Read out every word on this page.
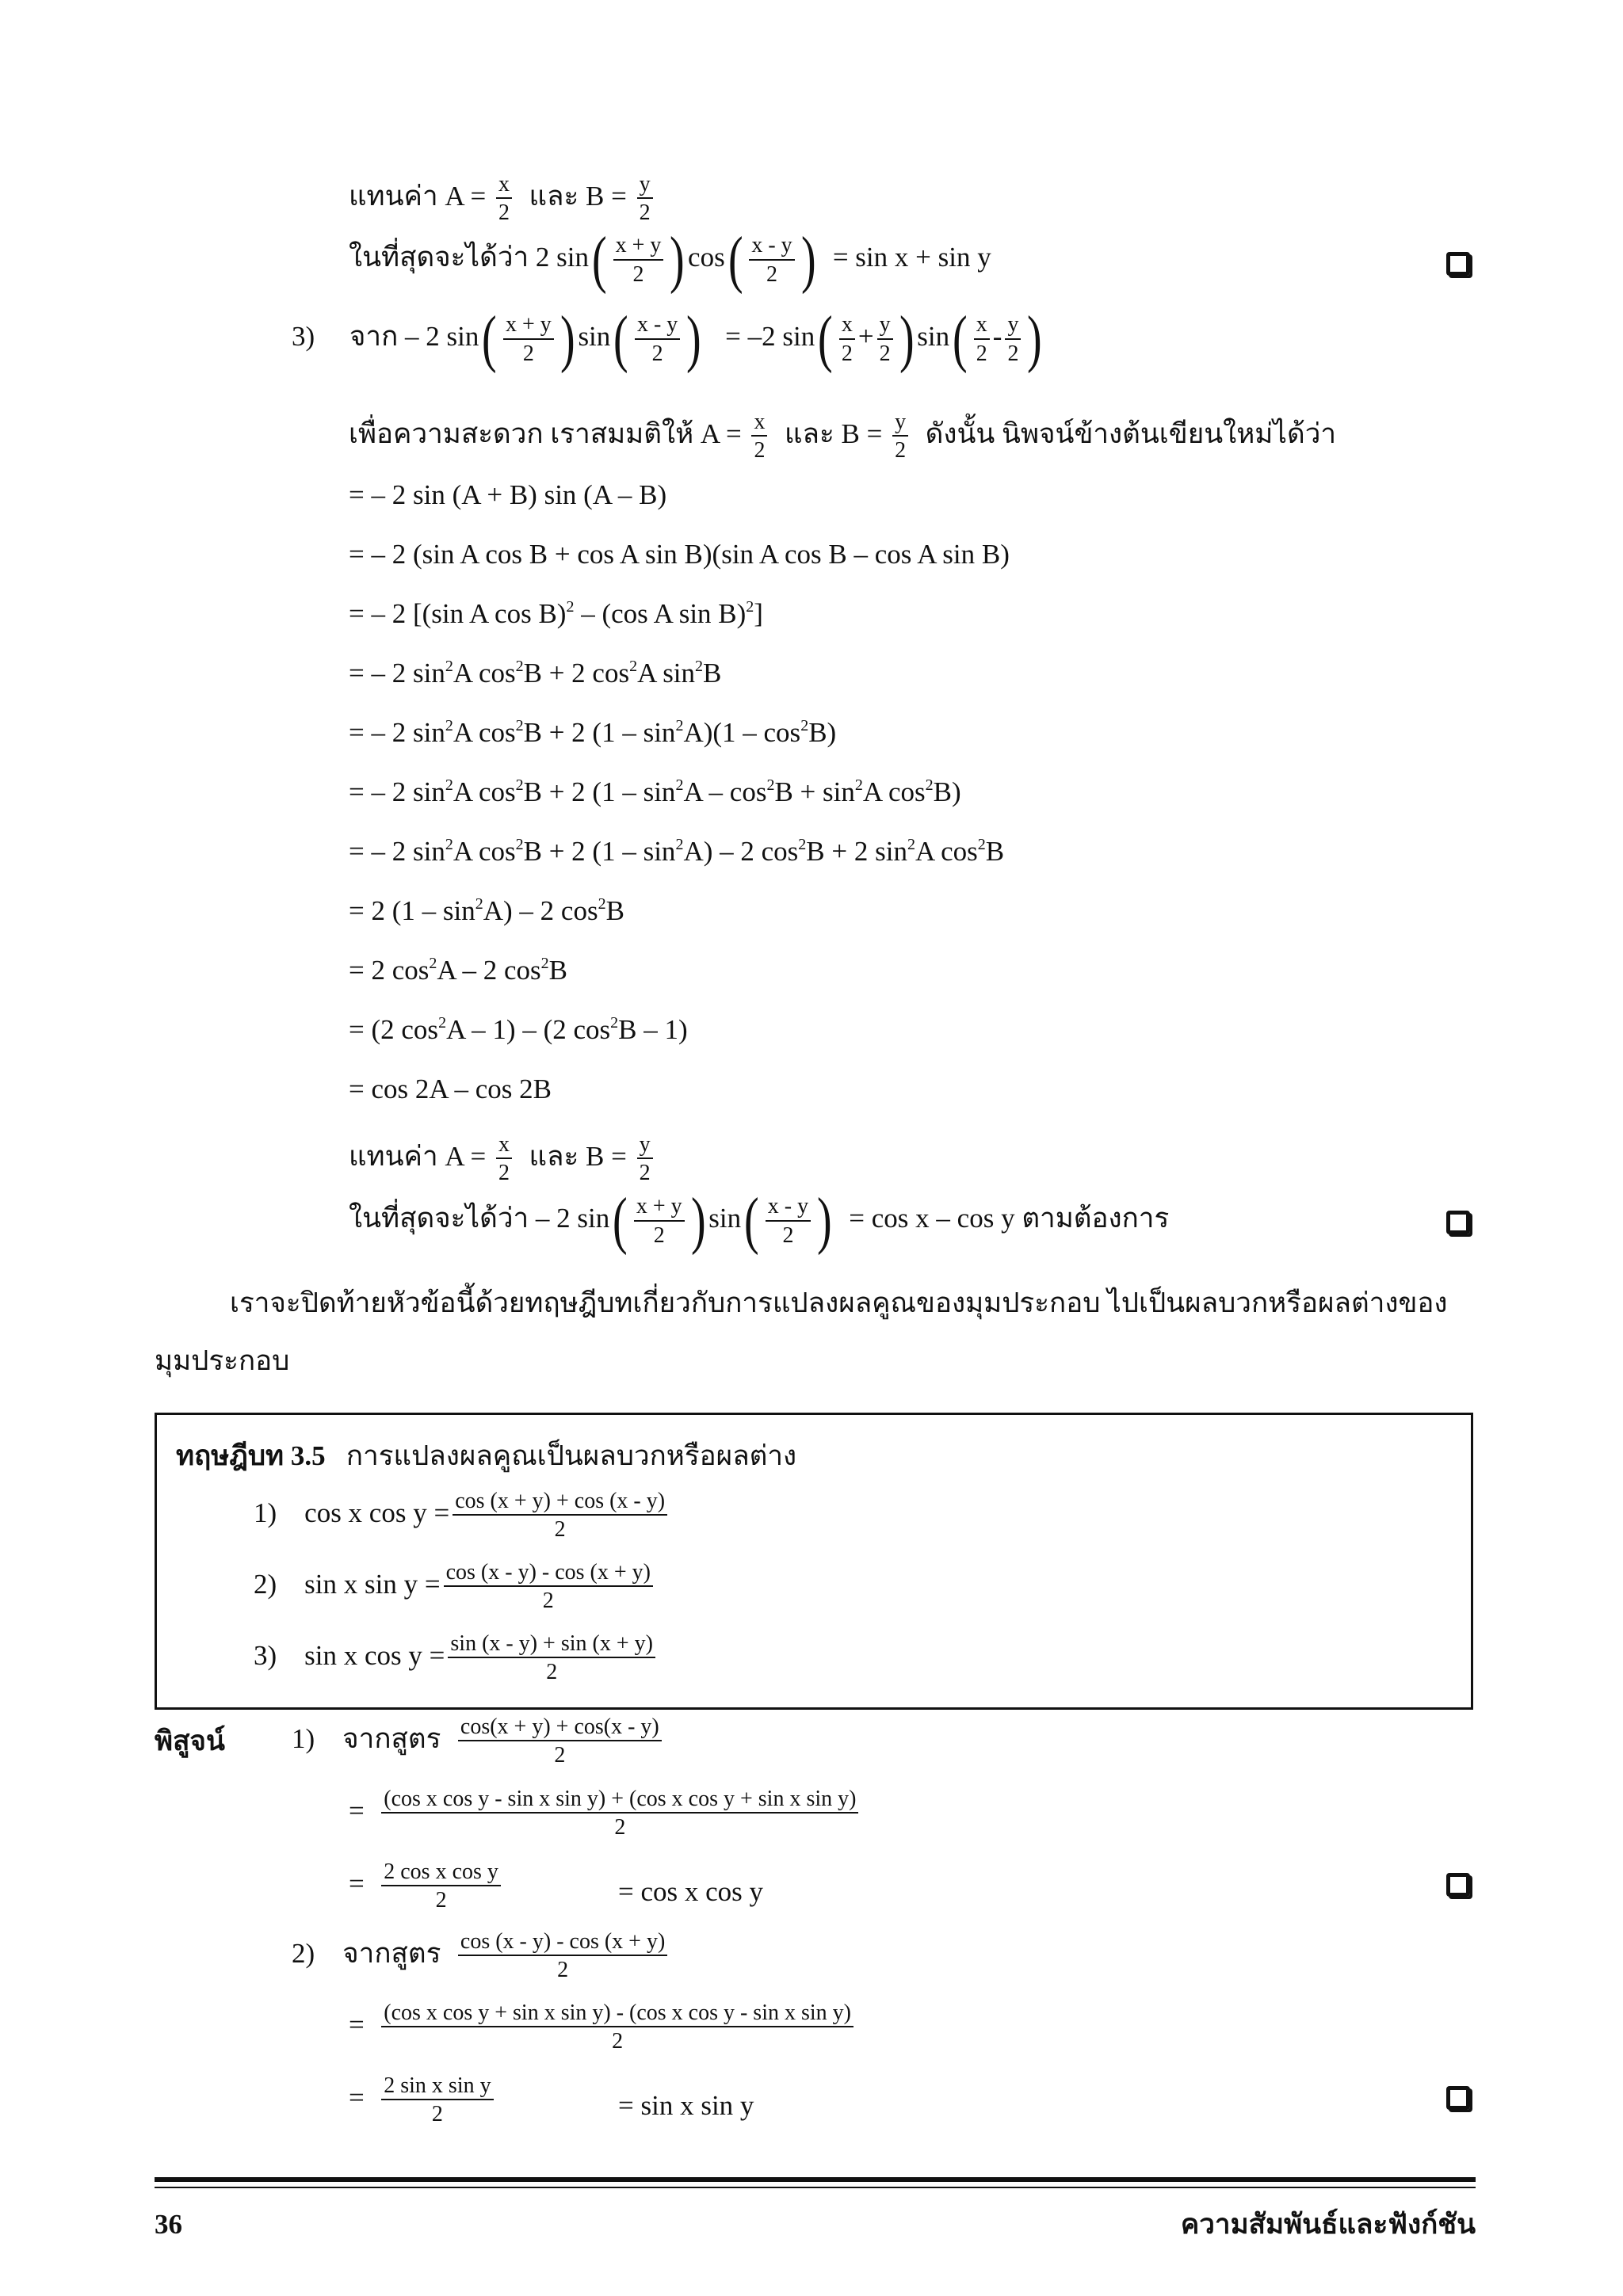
แทนค่า $A = \frac{x}{2}$ และ $B = \frac{y}{2}$
ในที่สุดจะได้ว่า 2 $\sin( \frac{x + y}{2}$ ) $\cos( \frac{x - y}{2}$ ) = sin x + sin y
3) จาก – 2 $\sin( \frac{x + y}{2}$ ) $\sin( \frac{x - y}{2}$ ) = –2 $\sin( \frac{x}{2} + \frac{y}{2}$ ) $\sin( \frac{x}{2} - \frac{y}{2}$ )
เพื่อความสะดวก เราสมมติให้ $A = \frac{x}{2}$ และ $B = \frac{y}{2}$ ดังนั้น นิพจน์ข้างต้นเขียนใหม่ได้ว่า
= – 2 sin (A + B) sin (A – B)
= – 2 (sin A cos B + cos A sin B)(sin A cos B – cos A sin B)
= – 2 [(sin A cos B)$^2$ – (cos A sin B)$^2$]
= – 2 $\sin^2A$ $\cos^2B + 2$ $\cos^2A$ $\sin^2B$
= – 2 $\sin^2A$ $\cos^2B + 2$ $(1 - \sin^2A)(1 - \cos^2B)$
= – 2 $\sin^2A$ $\cos^2B + 2$ ($1 - \sin^2A - \cos^2B + \sin^2A$ $\cos^2B$)
= – 2 $\sin^2A$ $\cos^2B + 2$ $(1 - \sin^2A) - 2$ $\cos^2B + 2$ $\sin^2A$ $\cos^2B$
= 2 $(1 - \sin^2A) - 2$ $\cos^2B$
= 2 $\cos^2A - 2$ $\cos^2B$
= (2 $\cos^2A - 1) - (2$ $\cos^2B - 1$)
= cos 2A – cos 2B
แทนค่า $A = \frac{x}{2}$ และ $B = \frac{y}{2}$
ในที่สุดจะได้ว่า – 2 $\sin( \frac{x + y}{2}$ ) $\sin( \frac{x - y}{2}$ ) = cos x – cos y ตามต้องการ
เราจะปิดท้ายหัวข้อนี้ด้วยทฤษฎีบทเกี่ยวกับการแปลงผลคูณของมุมประกอบ ไปเป็นผลบวกหรือผลต่างของ
มุมประกอบ
ทฤษฎีบท 3.5 การแปลงผลคูณเป็นผลบวกหรือผลต่าง
1) cos x $\cos y = \frac{\cos (x + y) + \cos (x - y)}{2}$
2) sin x $\sin y = \frac{\cos (x - y) - \cos (x + y)}{2}$
3) sin x $\cos y = \frac{\sin (x - y) + \sin (x + y)}{2}$
พิสูจน์ 1) จากสูตร $\frac{\cos(x + y) + \cos(x - y)}{2}$
= $\frac{\text{(cos x cos y - sin x sin y) + (cos x cos y + sin x sin y)}}{2}$
= $\frac{\text{2 cos x cos y}}{2}$	= cos x cos y
2) จากสูตร $\frac{\cos (x - y) - \cos (x + y)}{2}$
= $\frac{\text{(cos x cos y + sin x sin y) - (cos x cos y - sin x sin y)}}{2}$
= $\frac{\text{2 sin x sin y}}{2}$	= sin x sin y
36	ความสัมพันธ์และฟังก์ชัน
